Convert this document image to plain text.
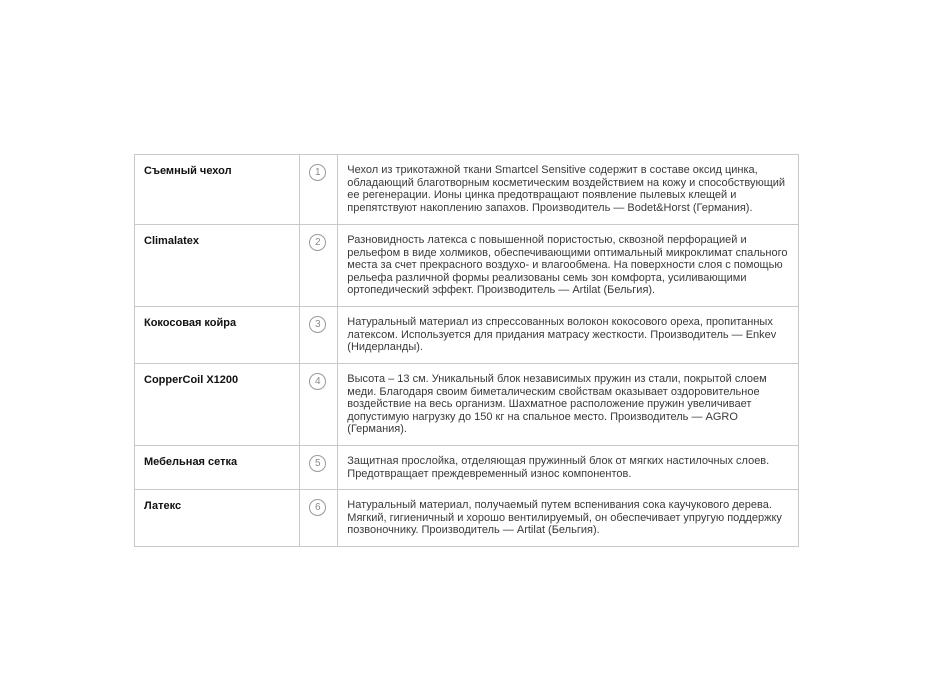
Съемный чехол	1	Чехол из трикотажной ткани Smartcel Sensitive содержит в составе оксид цинка, обладающий благотворным косметическим воздействием на кожу и способствующий ее регенерации. Ионы цинка предотвращают появление пылевых клещей и препятствуют накоплению запахов. Производитель — Bodet&Horst (Германия).
Climalatex	2	Разновидность латекса с повышенной пористостью, сквозной перфорацией и рельефом в виде холмиков, обеспечивающими оптимальный микроклимат спального места за счет прекрасного воздухо- и влагообмена. На поверхности слоя с помощью рельефа различной формы реализованы семь зон комфорта, усиливающими ортопедический эффект. Производитель — Artilat (Бельгия).
Кокосовая койра	3	Натуральный материал из спрессованных волокон кокосового ореха, пропитанных латексом. Используется для придания матрасу жесткости. Производитель — Enkev (Нидерланды).
CopperCoil X1200	4	Высота – 13 см. Уникальный блок независимых пружин из стали, покрытой слоем меди. Благодаря своим биметалическим свойствам оказывает оздоровительное воздействие на весь организм. Шахматное расположение пружин увеличивает допустимую нагрузку до 150 кг на спальное место. Производитель — AGRO (Германия).
Мебельная сетка	5	Защитная прослойка, отделяющая пружинный блок от мягких настилочных слоев. Предотвращает преждевременный износ компонентов.
Латекс	6	Натуральный материал, получаемый путем вспенивания сока каучукового дерева. Мягкий, гигиеничный и хорошо вентилируемый, он обеспечивает упругую поддержку позвоночнику. Производитель — Artilat (Бельгия).
